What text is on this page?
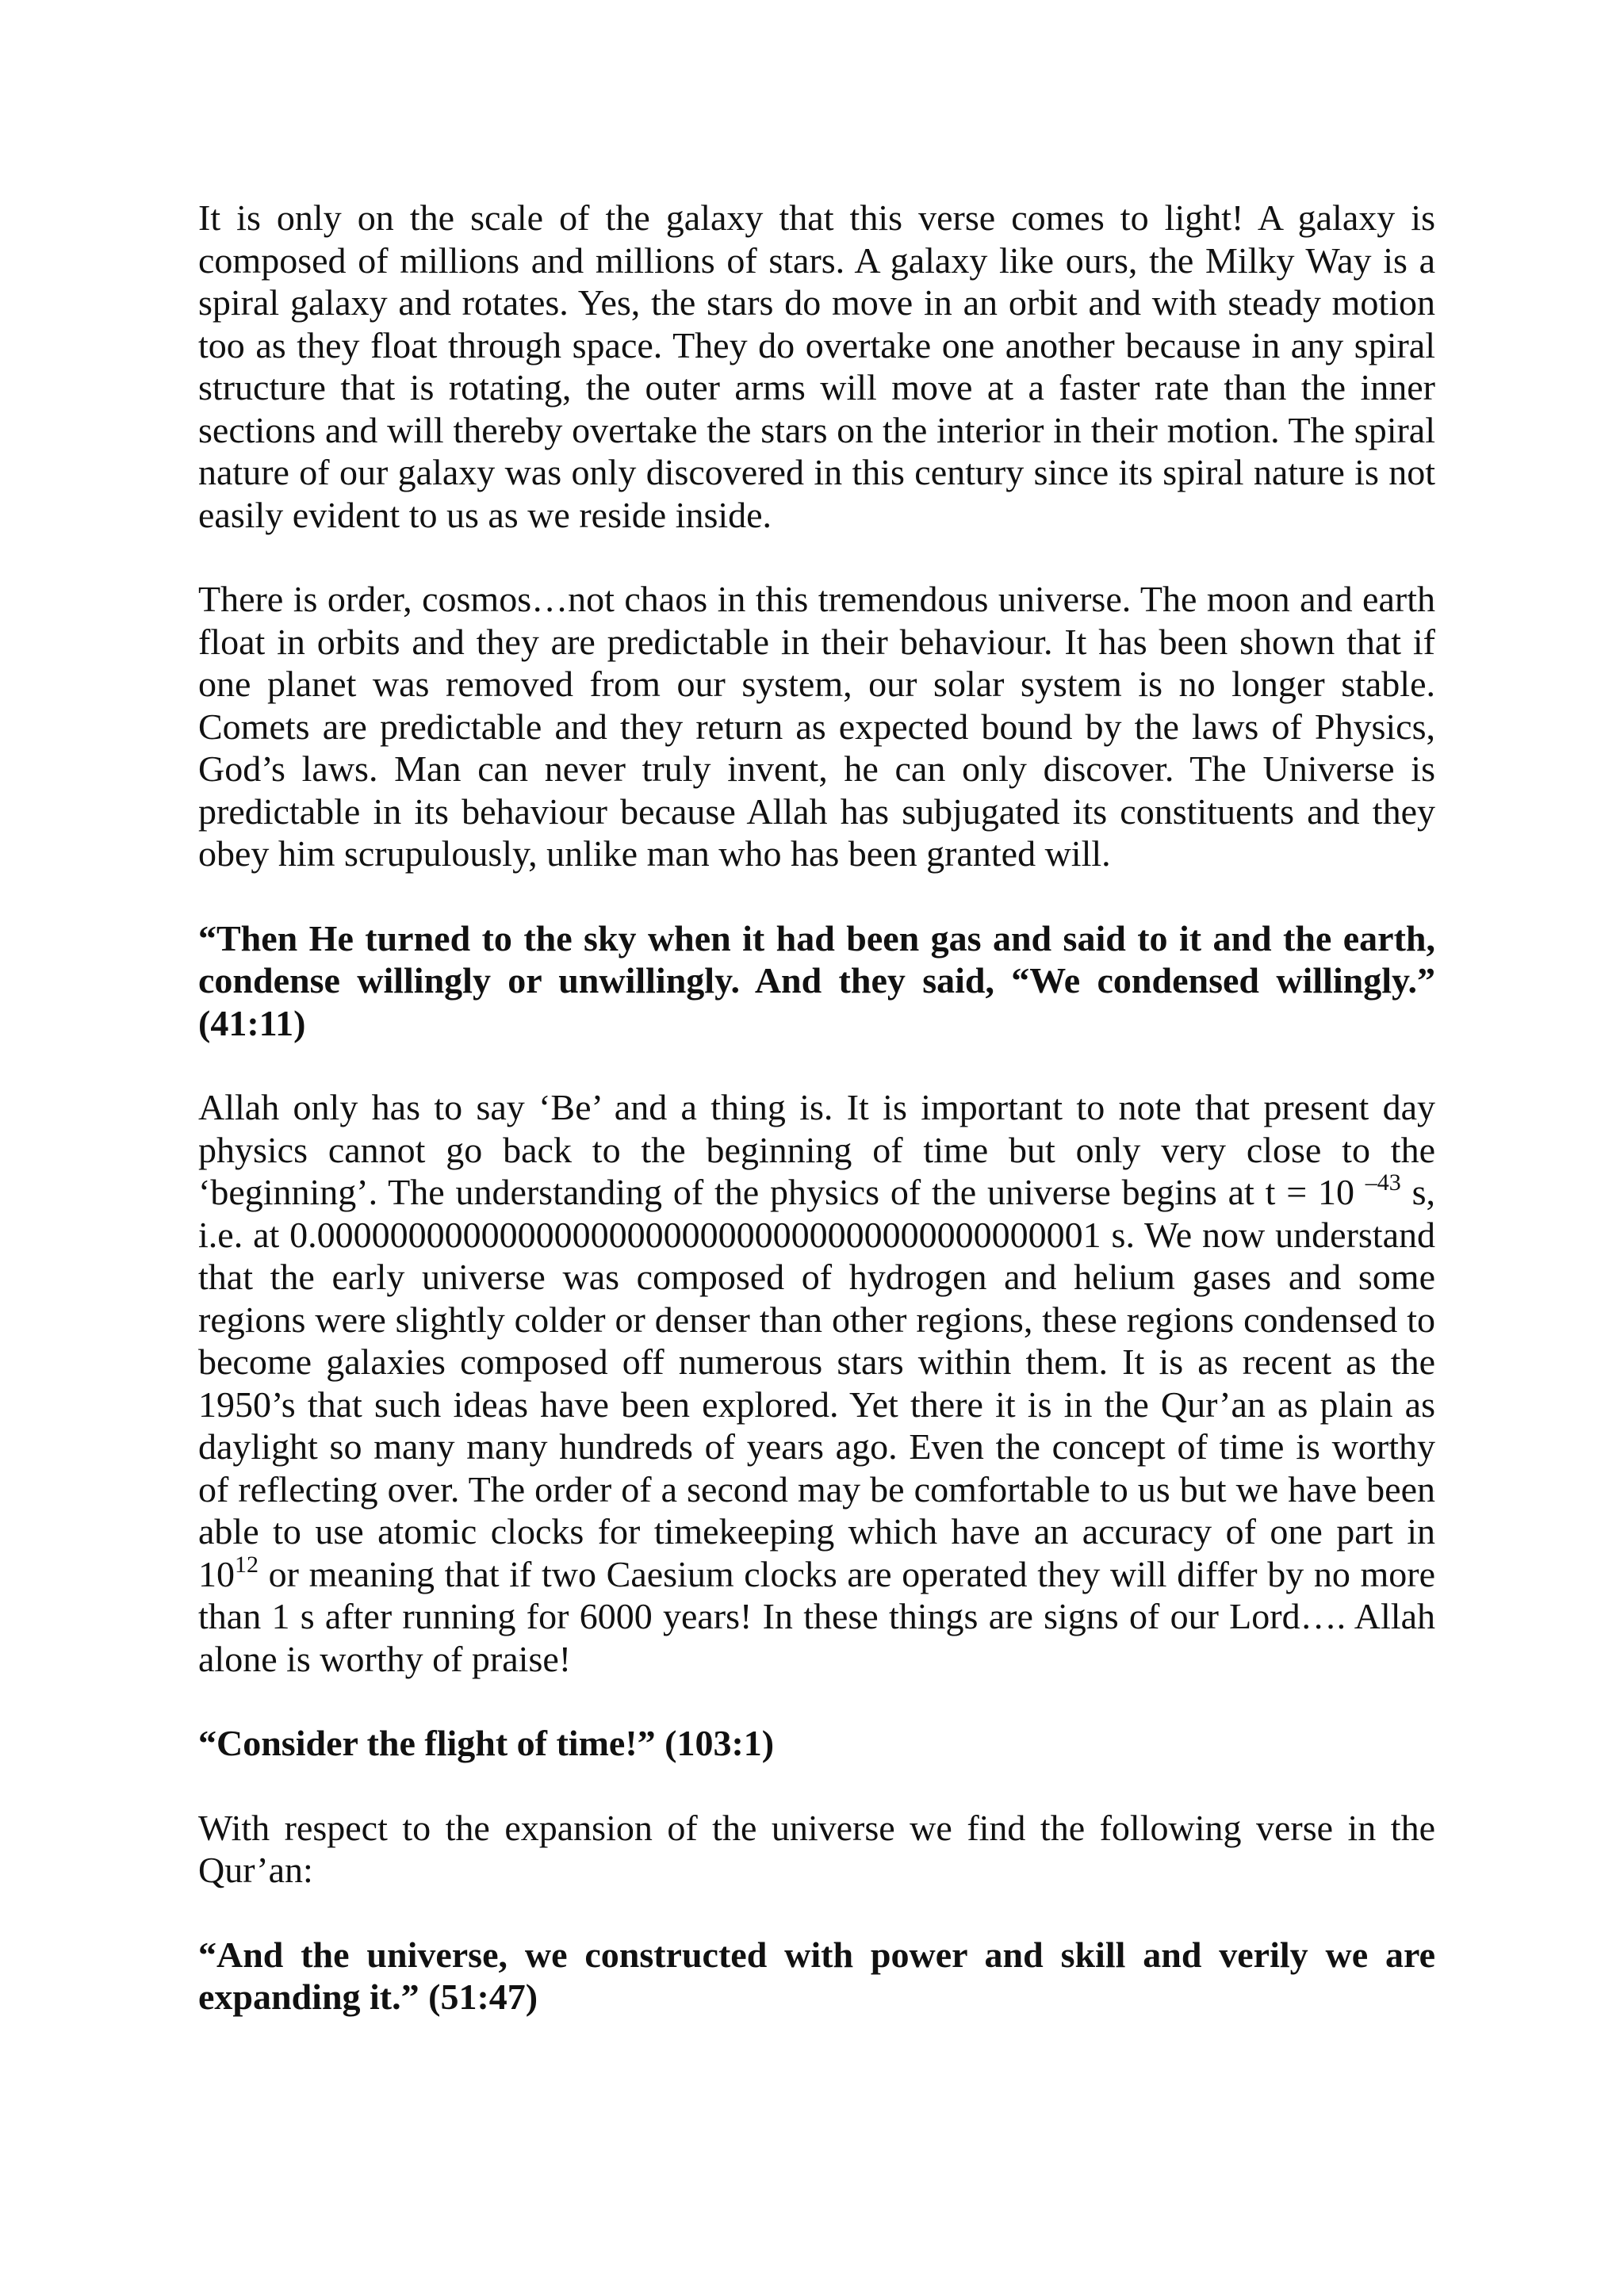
It is only on the scale of the galaxy that this verse comes to light! A galaxy is composed of millions and millions of stars. A galaxy like ours, the Milky Way is a spiral galaxy and rotates. Yes, the stars do move in an orbit and with steady motion too as they float through space. They do overtake one another because in any spiral structure that is rotating, the outer arms will move at a faster rate than the inner sections and will thereby overtake the stars on the interior in their motion. The spiral nature of our galaxy was only discovered in this century since its spiral nature is not easily evident to us as we reside inside.

There is order, cosmos…not chaos in this tremendous universe. The moon and earth float in orbits and they are predictable in their behaviour. It has been shown that if one planet was removed from our system, our solar system is no longer stable. Comets are predictable and they return as expected bound by the laws of Physics, God’s laws. Man can never truly invent, he can only discover. The Universe is predictable in its behaviour because Allah has subjugated its constituents and they obey him scrupulously, unlike man who has been granted will.

“Then He turned to the sky when it had been gas and said to it and the earth, condense willingly or unwillingly. And they said, “We condensed willingly.” (41:11)

Allah only has to say ‘Be’ and a thing is. It is important to note that present day physics cannot go back to the beginning of time but only very close to the ‘beginning’. The understanding of the physics of the universe begins at t = 10 $^{-43}$ s, i.e. at 0.0000000000000000000000000000000000000000001 s. We now understand that the early universe was composed of hydrogen and helium gases and some regions were slightly colder or denser than other regions, these regions condensed to become galaxies composed off numerous stars within them. It is as recent as the 1950’s that such ideas have been explored. Yet there it is in the Qur’an as plain as daylight so many many hundreds of years ago. Even the concept of time is worthy of reflecting over. The order of a second may be comfortable to us but we have been able to use atomic clocks for timekeeping which have an accuracy of one part in $10^{12}$ or meaning that if two Caesium clocks are operated they will differ by no more than 1 s after running for 6000 years! In these things are signs of our Lord…. Allah alone is worthy of praise!

“Consider the flight of time!” (103:1)

With respect to the expansion of the universe we find the following verse in the Qur’an:

“And the universe, we constructed with power and skill and verily we are expanding it.” (51:47)
